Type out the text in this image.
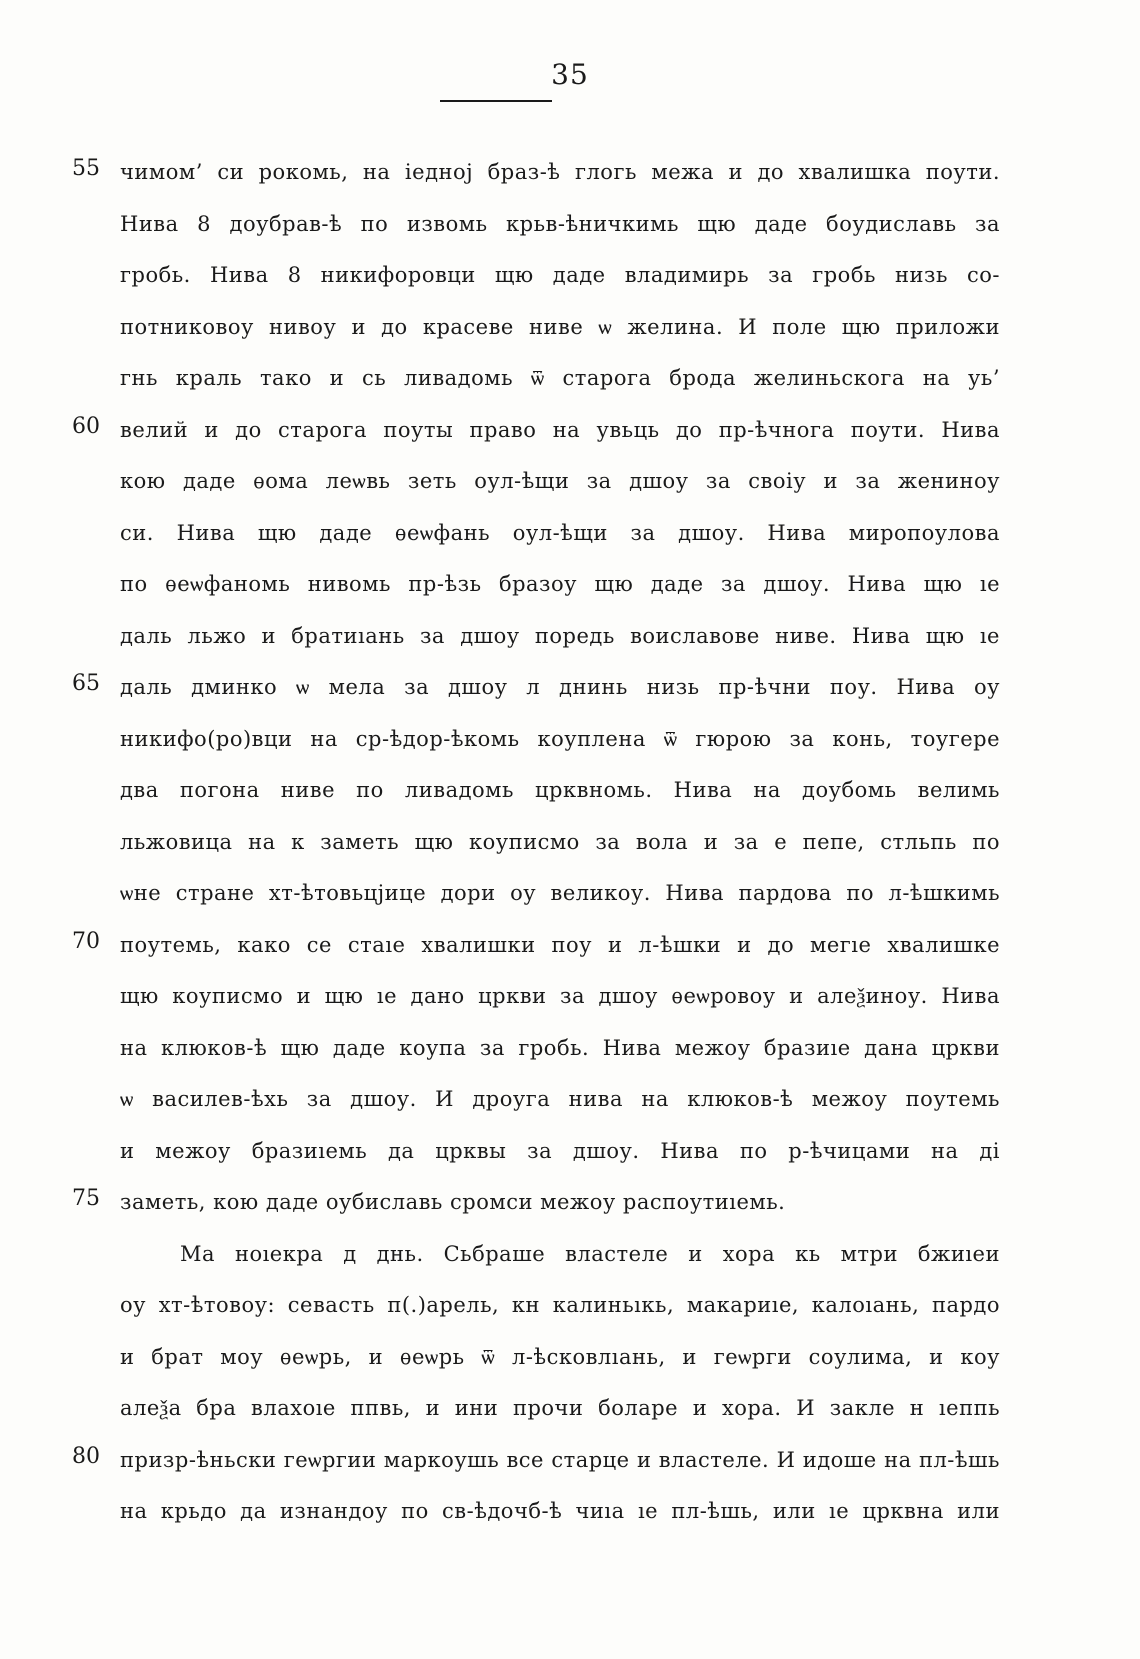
35
55 чимом’ си рокомь, на iедној браз‑ѣ глогь межа и до хвалишка поути.
Нива 8 доубрав‑ѣ по извомь крьв‑ѣничкимь щю даде боудиславь за
гробь. Нива 8 никифоровци щю даде владимирь за гробь низь со-
потниковоу нивоу и до красеве ниве ѡ желина. И поле щю приложи
гнь краль тако и сь ливадомь ѿ старога брода желиньскога на уь’
60 велий и до старога поуты право на увьць до пр‑ѣчнога поути. Нива
кою даде ѳома леѡвь зеть оул‑ѣщи за дшоу за своіу и за жениноу
си. Нива щю даде ѳеѡфань оул‑ѣщи за дшоу. Нива миропоулова
по ѳеѡфаномь нивомь пр‑ѣзь бразоу щю даде за дшоу. Нива щю ıе
даль льжо и братиıань за дшоу поредь воиславове ниве. Нива щю ıе
65 даль дминко ѡ мела за дшоу л днинь низь пр‑ѣчни поу. Нива оу
никифо(ро)вци на ср‑ѣдор‑ѣкомь коуплена ѿ гюрою за конь, тоугере
два погона ниве по ливадомь црквномь. Нива на доубомь велимь
льжовица на к заметь щю коуписмо за вола и за е пепе, стльпь по
ѡне стране хт‑ѣтовьцјице дори оу великоу. Нива пардова по л‑ѣшкимь
70 поутемь, како се стаıе хвалишки поу и л‑ѣшки и до мегıе хвалишке
щю коуписмо и щю ıе дано цркви за дшоу ѳеѡровоу и алеѯиноу. Нива
на клюков‑ѣ щю даде коупа за гробь. Нива межоу бразиıе дана цркви
ѡ василев‑ѣхь за дшоу. И дроуга нива на клюков‑ѣ межоу поутемь
и межоу бразиıемь да црквы за дшоу. Нива по р‑ѣчицами на ді
75 заметь, кою даде оубиславь сромси межоу распоутиıемь.
Мa ноıекра д днь. Сьбраше властеле и хора кь мтри бжиıеи
оу хт‑ѣтовоу: севасть п(.)арель, кн калиньıкь, макариıе, калоıань, пардо
и брат моу ѳеѡрь, и ѳеѡрь ѿ л‑ѣсковлıань, и геѡрги соулима, и коу
алеѯа бра влахоıе ппвь, и ини прочи боларе и хора. И закле н ıеппь
80 призр‑ѣньски геѡргии маркоушь все старце и властеле. И идоше на пл‑ѣшь
на крьдо да изнандоу по св‑ѣдочб‑ѣ чиıа ıе пл‑ѣшь, или ıе црквна или
